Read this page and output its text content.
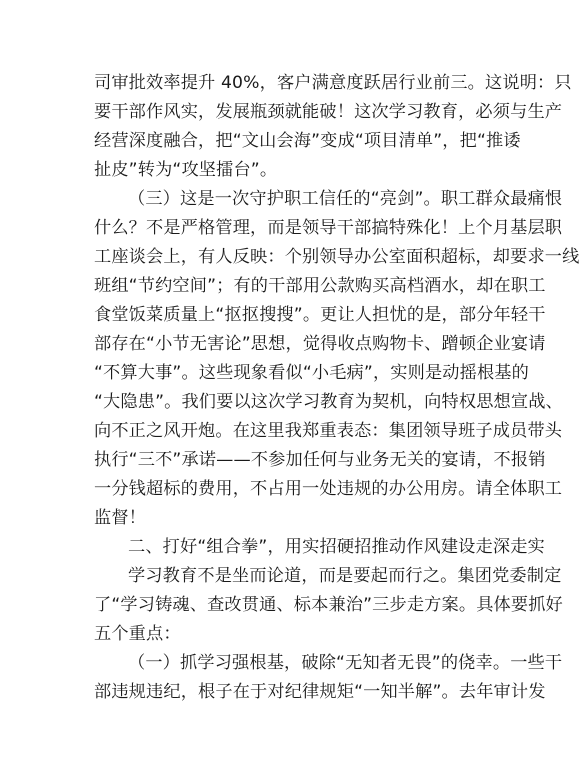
司审批效率提升 40%，客户满意度跃居行业前三。这说明：只
要干部作风实，发展瓶颈就能破！这次学习教育，必须与生产
经营深度融合，把“文山会海”变成“项目清单”，把“推诿
扯皮”转为“攻坚擂台”。
（三）这是一次守护职工信任的“亮剑”。职工群众最痛恨
什么？不是严格管理，而是领导干部搞特殊化！上个月基层职
工座谈会上，有人反映：个别领导办公室面积超标，却要求一线
班组“节约空间”；有的干部用公款购买高档酒水，却在职工
食堂饭菜质量上“抠抠搜搜”。更让人担忧的是，部分年轻干
部存在“小节无害论”思想，觉得收点购物卡、蹭顿企业宴请
“不算大事”。这些现象看似“小毛病”，实则是动摇根基的
“大隐患”。我们要以这次学习教育为契机，向特权思想宣战、
向不正之风开炮。在这里我郑重表态：集团领导班子成员带头
执行“三不”承诺——不参加任何与业务无关的宴请，不报销
一分钱超标的费用，不占用一处违规的办公用房。请全体职工
监督！
二、打好“组合拳”，用实招硬招推动作风建设走深走实
学习教育不是坐而论道，而是要起而行之。集团党委制定
了“学习铸魂、查改贯通、标本兼治”三步走方案。具体要抓好
五个重点：
（一）抓学习强根基，破除“无知者无畏”的侥幸。一些干
部违规违纪，根子在于对纪律规矩“一知半解”。去年审计发
